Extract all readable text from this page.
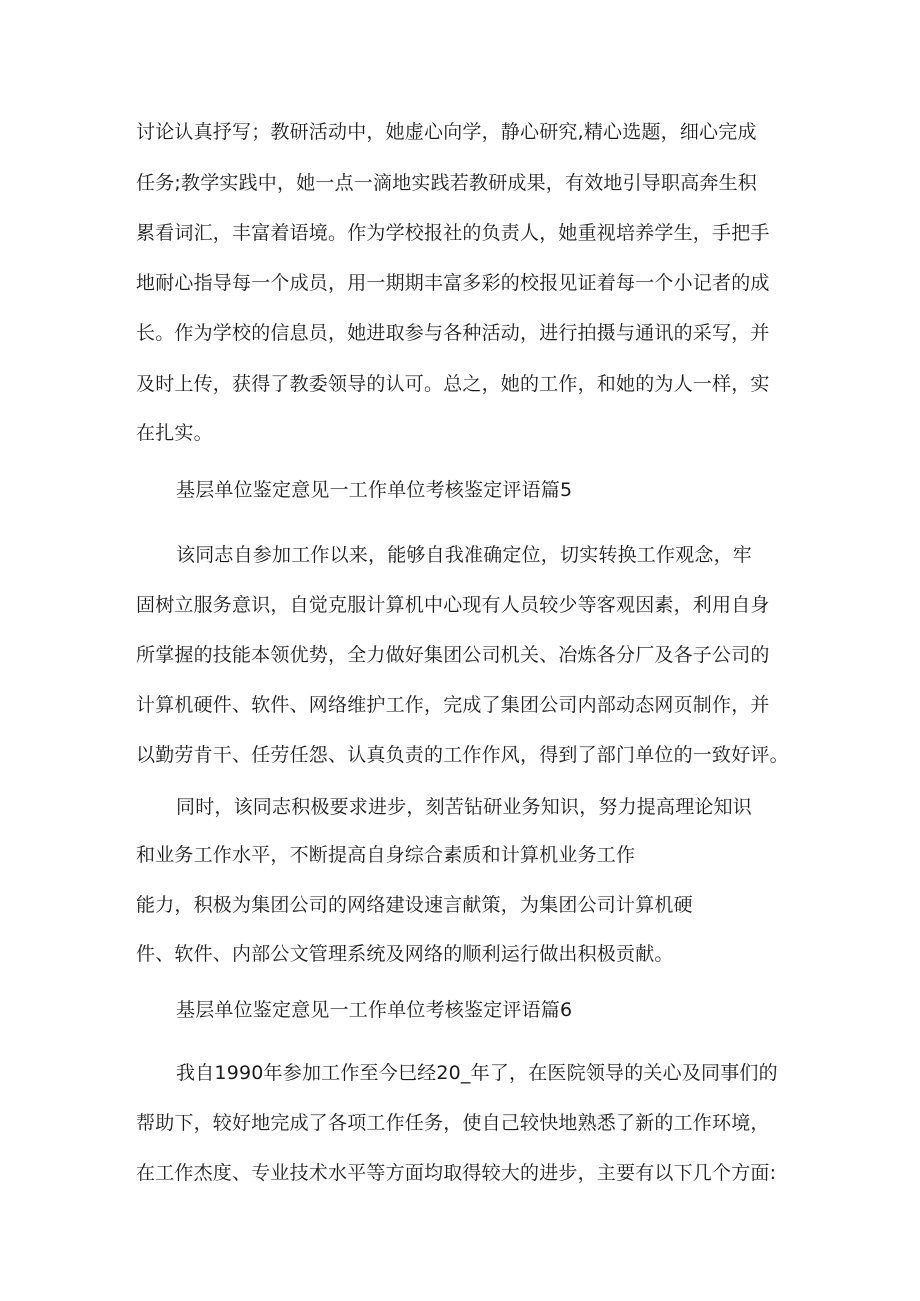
讨论认真抒写；教研活动中，她虚心向学，静心研究,精心选题，细心完成
任务;教学实践中，她一点一滴地实践若教研成果，有效地引导职高奔生积
累看词汇，丰富着语境。作为学校报社的负责人，她重视培养学生，手把手
地耐心指导每一个成员，用一期期丰富多彩的校报见证着每一个小记者的成
长。作为学校的信息员，她进取参与各种活动，进行拍摄与通讯的采写，并
及时上传，获得了教委领导的认可。总之，她的工作，和她的为人一样，实
在扎实。
基层单位鉴定意见一工作单位考核鉴定评语篇5
该同志自参加工作以来，能够自我准确定位，切实转换工作观念，牢
固树立服务意识，自觉克服计算机中心现有人员较少等客观因素，利用自身
所掌握的技能本领优势，全力做好集团公司机关、冶炼各分厂及各子公司的
计算机硬件、软件、网络维护工作，完成了集团公司内部动态网页制作，并
以勤劳肯干、任劳任怨、认真负责的工作作风，得到了部门单位的一致好评。
同时，该同志积极要求进步，刻苦钻研业务知识，努力提高理论知识
和业务工作水平，不断提高自身综合素质和计算机业务工作
能力，积极为集团公司的网络建设速言献策，为集团公司计算机硬
件、软件、内部公文管理系统及网络的顺利运行做出积极贡献。
基层单位鉴定意见一工作单位考核鉴定评语篇6
我自1990年参加工作至今巳经20_年了，在医院领导的关心及同事们的
帮助下，较好地完成了各项工作任务，使自己较快地熟悉了新的工作环境，
在工作杰度、专业技术水平等方面均取得较大的进步，主要有以下几个方面:
